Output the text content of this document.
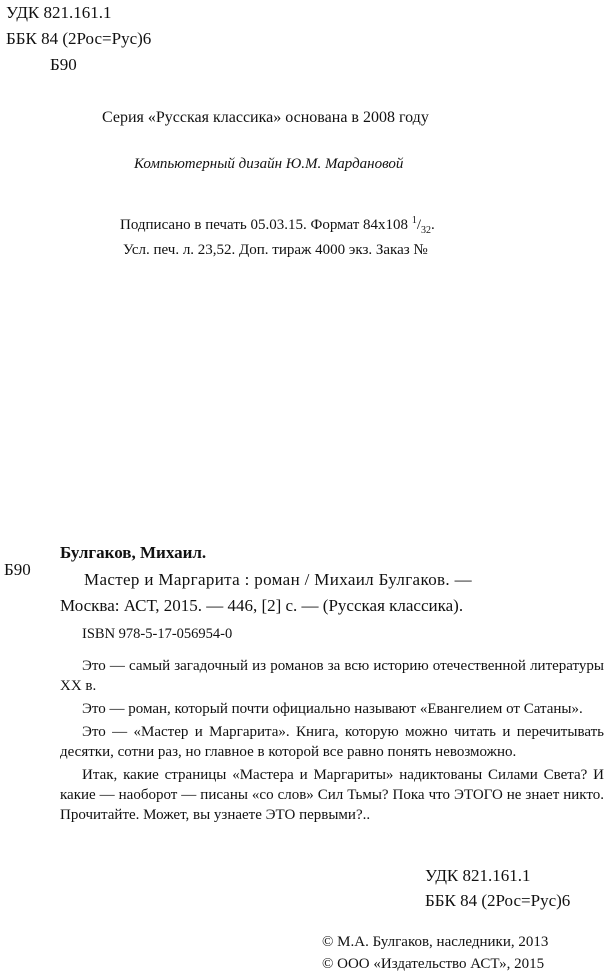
УДК 821.161.1
ББК 84 (2Рос=Рус)6
Б90
Серия «Русская классика» основана в 2008 году
Компьютерный дизайн Ю.М. Мардановой
Подписано в печать 05.03.15. Формат 84x108 $^1/_{32}$.
Усл. печ. л. 23,52. Доп. тираж 4000 экз. Заказ №
Б90
Булгаков, Михаил.
Мастер и Маргарита : роман / Михаил Булгаков. —
Москва: АСТ, 2015. — 446, [2] с. — (Русская классика).
ISBN 978-5-17-056954-0

Это — самый загадочный из романов за всю историю отечественной литературы XX в.

Это — роман, который почти официально называют «Евангелием от Сатаны».

Это — «Мастер и Маргарита». Книга, которую можно читать и перечитывать десятки, сотни раз, но главное в которой все равно понять невозможно.

Итак, какие страницы «Мастера и Маргариты» надиктованы Силами Света? И какие — наоборот — писаны «со слов» Сил Тьмы? Пока что ЭТОГО не знает никто. Прочитайте. Может, вы узнаете ЭТО первыми?..

УДК 821.161.1
ББК 84 (2Рос=Рус)6
© М.А. Булгаков, наследники, 2013
© ООО «Издательство АСТ», 2015
